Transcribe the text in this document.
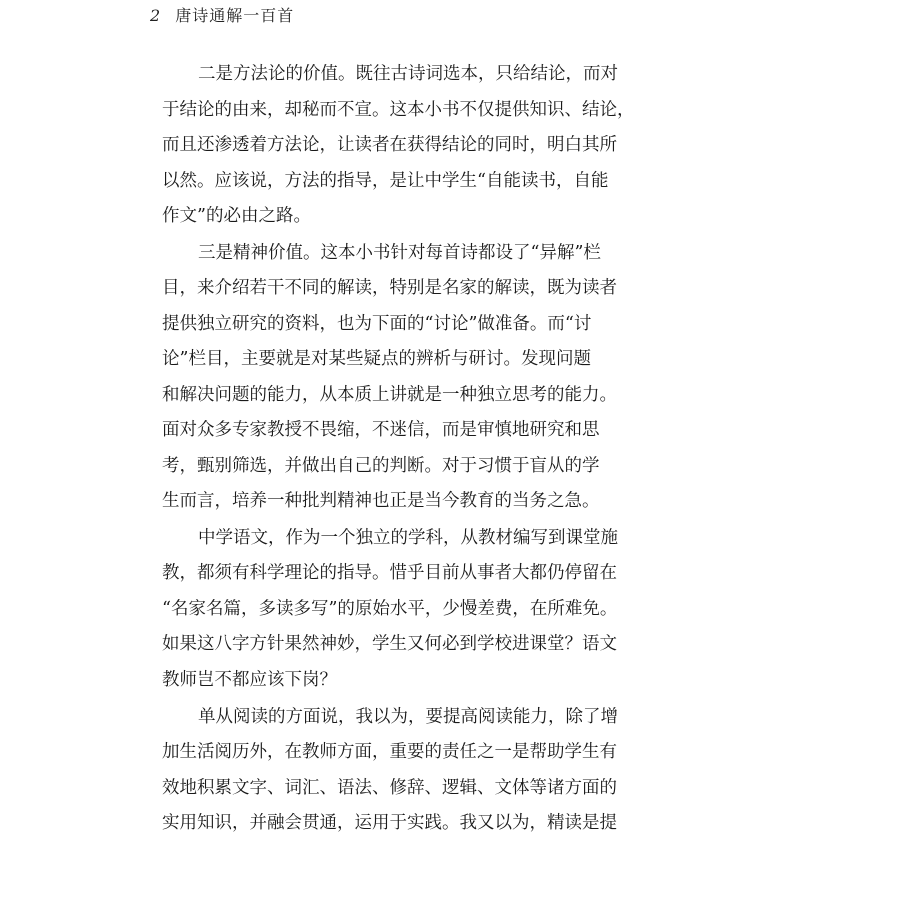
2 唐诗通解一百首
二是方法论的价值。既往古诗词选本，只给结论，而对
于结论的由来，却秘而不宣。这本小书不仅提供知识、结论，
而且还渗透着方法论，让读者在获得结论的同时，明白其所
以然。应该说，方法的指导，是让中学生“自能读书，自能
作文”的必由之路。
三是精神价值。这本小书针对每首诗都设了“异解”栏
目，来介绍若干不同的解读，特别是名家的解读，既为读者
提供独立研究的资料，也为下面的“讨论”做准备。而“讨
论”栏目，主要就是对某些疑点的辨析与研讨。发现问题
和解决问题的能力，从本质上讲就是一种独立思考的能力。
面对众多专家教授不畏缩，不迷信，而是审慎地研究和思
考，甄别筛选，并做出自己的判断。对于习惯于盲从的学
生而言，培养一种批判精神也正是当今教育的当务之急。
中学语文，作为一个独立的学科，从教材编写到课堂施
教，都须有科学理论的指导。惜乎目前从事者大都仍停留在
“名家名篇，多读多写”的原始水平，少慢差费，在所难免。
如果这八字方针果然神妙，学生又何必到学校进课堂？语文
教师岂不都应该下岗？
单从阅读的方面说，我以为，要提高阅读能力，除了增
加生活阅历外，在教师方面，重要的责任之一是帮助学生有
效地积累文字、词汇、语法、修辞、逻辑、文体等诸方面的
实用知识，并融会贯通，运用于实践。我又以为，精读是提
